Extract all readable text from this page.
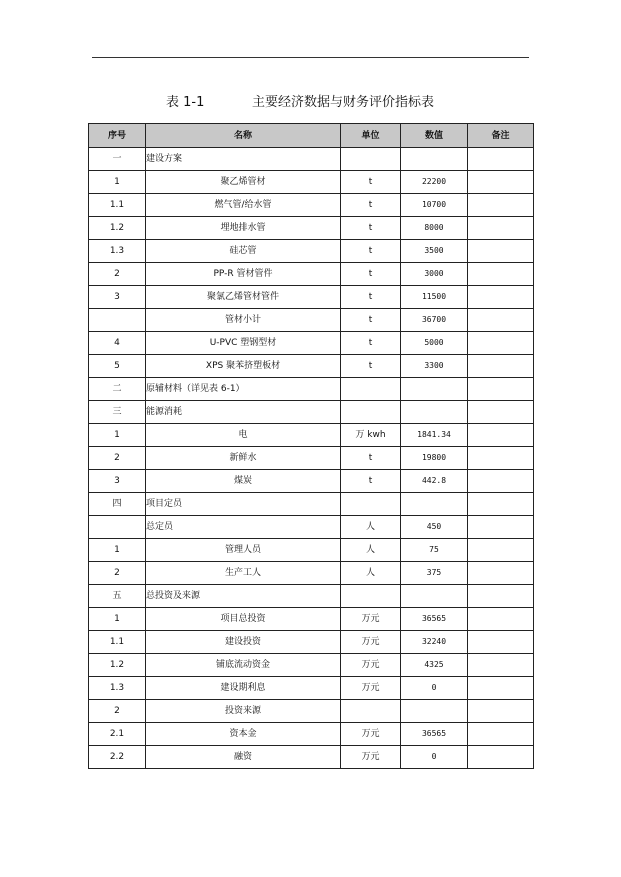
表 1-1	主要经济数据与财务评价指标表
序号	名称	单位	数值	备注
一	建设方案			
1	聚乙烯管材	t	22200	
1.1	燃气管/给水管	t	10700	
1.2	埋地排水管	t	8000	
1.3	硅芯管	t	3500	
2	PP-R 管材管件	t	3000	
3	聚氯乙烯管材管件	t	11500	
	管材小计	t	36700	
4	U-PVC 塑钢型材	t	5000	
5	XPS 聚苯挤塑板材	t	3300	
二	原辅材料（详见表 6-1）			
三	能源消耗			
1	电	万 kwh	1841.34	
2	新鲜水	t	19800	
3	煤炭	t	442.8	
四	项目定员			
	总定员	人	450	
1	管理人员	人	75	
2	生产工人	人	375	
五	总投资及来源			
1	项目总投资	万元	36565	
1.1	建设投资	万元	32240	
1.2	铺底流动资金	万元	4325	
1.3	建设期利息	万元	0	
2	投资来源			
2.1	资本金	万元	36565	
2.2	融资	万元	0	
